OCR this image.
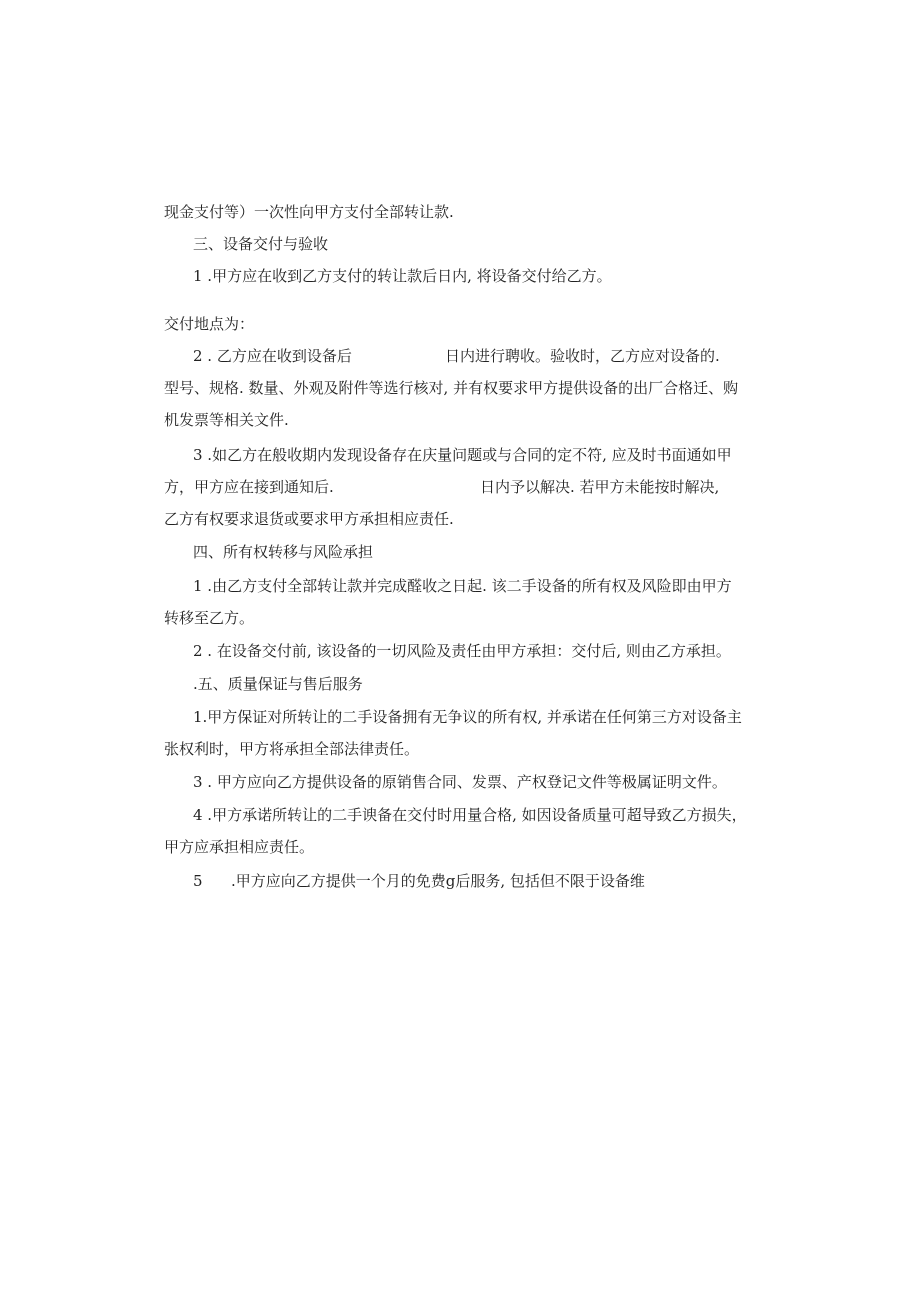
现金支付等）一次性向甲方支付全部转让款.
三、设备交付与验收
1 .甲方应在收到乙方支付的转让款后日内, 将设备交付给乙方。
交付地点为：
2 . 乙方应在收到设备后	日内进行聘收。验收时，乙方应对设备的.
型号、规格. 数量、外观及附件等选行核对, 并有权要求甲方提供设备的出厂合格迁、购
机发票等相关文件.
3 .如乙方在般收期内发现设备存在庆量问题或与合同的定不符, 应及时书面通如甲
方，甲方应在接到通知后.	日内予以解决. 若甲方未能按时解决,
乙方有权要求退货或要求甲方承担相应责任.
四、所有权转移与风险承担
1 .由乙方支付全部转让款并完成醛收之日起. 该二手设备的所有权及风险即由甲方
转移至乙方。
2 . 在设备交付前, 该设备的一切风险及责任由甲方承担：交付后, 则由乙方承担。
.五、质量保证与售后服务
1.甲方保证对所转让的二手设备拥有无争议的所有权, 并承诺在任何第三方对设备主
张权利时，甲方将承担全部法律责任。
3 . 甲方应向乙方提供设备的原销售合同、发票、产权登记文件等极属证明文件。
4 .甲方承诺所转让的二手谀备在交付时用量合格, 如因设备质量可超导致乙方损失，
甲方应承担相应责任。
5 .甲方应向乙方提供一个月的免费g后服务, 包括但不限于设备维
